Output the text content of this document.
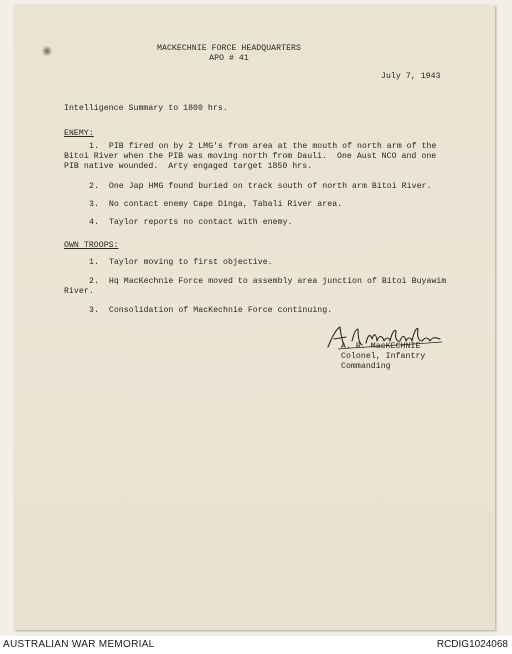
MACKECHNIE FORCE HEADQUARTERS
APO # 41
July 7, 1943
Intelligence Summary to 1800 hrs.
ENEMY:
1.  PIB fired on by 2 LMG's from area at the mouth of north arm of the
Bitoi River when the PIB was moving north from Dauli.  One Aust NCO and one
PIB native wounded.  Arty engaged target 1850 hrs.
2.  One Jap HMG found buried on track south of north arm Bitoi River.
3.  No contact enemy Cape Dinga, Tabali River area.
4.  Taylor reports no contact with enemy.
OWN TROOPS:
1.  Taylor moving to first objective.
2.  Hq MacKechnie Force moved to assembly area junction of Bitoi Buyawim
River.
3.  Consolidation of MacKechnie Force continuing.
A. R. MacKECHNIE
Colonel, Infantry
Commanding
AUSTRALIAN WAR MEMORIAL	RCDIG1024068
